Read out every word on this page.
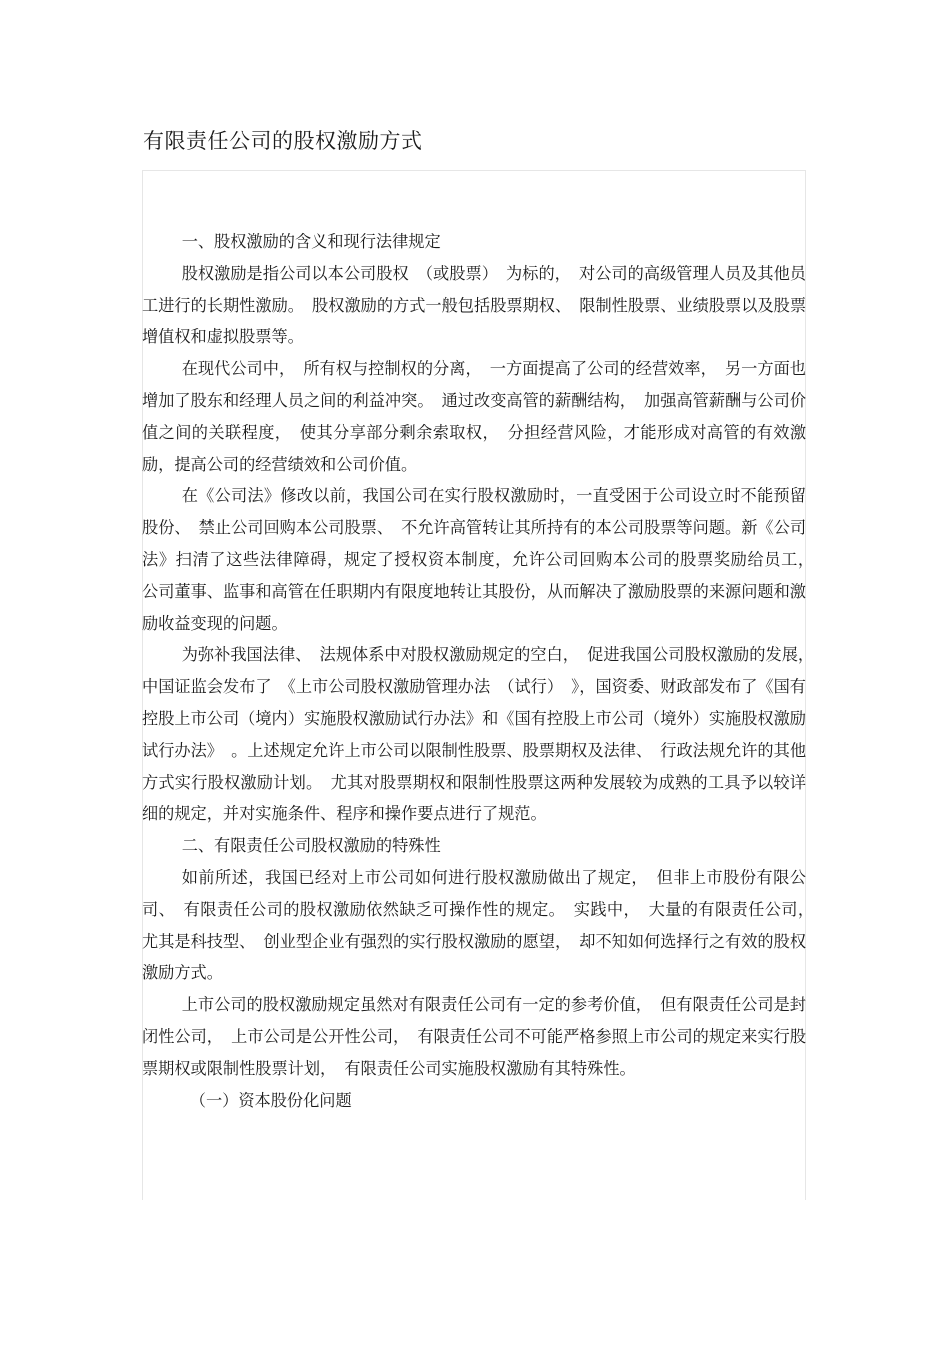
有限责任公司的股权激励方式

一、股权激励的含义和现行法律规定

股权激励是指公司以本公司股权　（或股票）　为标的，　对公司的高级管理人员及其他员工进行的长期性激励。　股权激励的方式一般包括股票期权、　限制性股票、业绩股票以及股票增值权和虚拟股票等。

在现代公司中，　所有权与控制权的分离，　一方面提高了公司的经营效率，　另一方面也增加了股东和经理人员之间的利益冲突。　通过改变高管的薪酬结构，　加强高管薪酬与公司价值之间的关联程度，　使其分享部分剩余索取权，　分担经营风险，才能形成对高管的有效激励，提高公司的经营绩效和公司价值。

在《公司法》修改以前，我国公司在实行股权激励时，一直受困于公司设立时不能预留股份、　禁止公司回购本公司股票、　不允许高管转让其所持有的本公司股票等问题。新《公司法》扫清了这些法律障碍，规定了授权资本制度，允许公司回购本公司的股票奖励给员工，　公司董事、监事和高管在任职期内有限度地转让其股份，从而解决了激励股票的来源问题和激励收益变现的问题。

为弥补我国法律、　法规体系中对股权激励规定的空白，　促进我国公司股权激励的发展，　中国证监会发布了　《上市公司股权激励管理办法　（试行）　》，国资委、财政部发布了《国有控股上市公司（境内）实施股权激励试行办法》和《国有控股上市公司（境外）实施股权激励试行办法》　。上述规定允许上市公司以限制性股票、股票期权及法律、　行政法规允许的其他方式实行股权激励计划。　尤其对股票期权和限制性股票这两种发展较为成熟的工具予以较详细的规定，并对实施条件、程序和操作要点进行了规范。

二、有限责任公司股权激励的特殊性

如前所述，我国已经对上市公司如何进行股权激励做出了规定，　但非上市股份有限公司、　有限责任公司的股权激励依然缺乏可操作性的规定。　实践中，　大量的有限责任公司，　尤其是科技型、　创业型企业有强烈的实行股权激励的愿望，　却不知如何选择行之有效的股权激励方式。

上市公司的股权激励规定虽然对有限责任公司有一定的参考价值，　但有限责任公司是封闭性公司，　上市公司是公开性公司，　有限责任公司不可能严格参照上市公司的规定来实行股票期权或限制性股票计划，　有限责任公司实施股权激励有其特殊性。

（一）资本股份化问题
